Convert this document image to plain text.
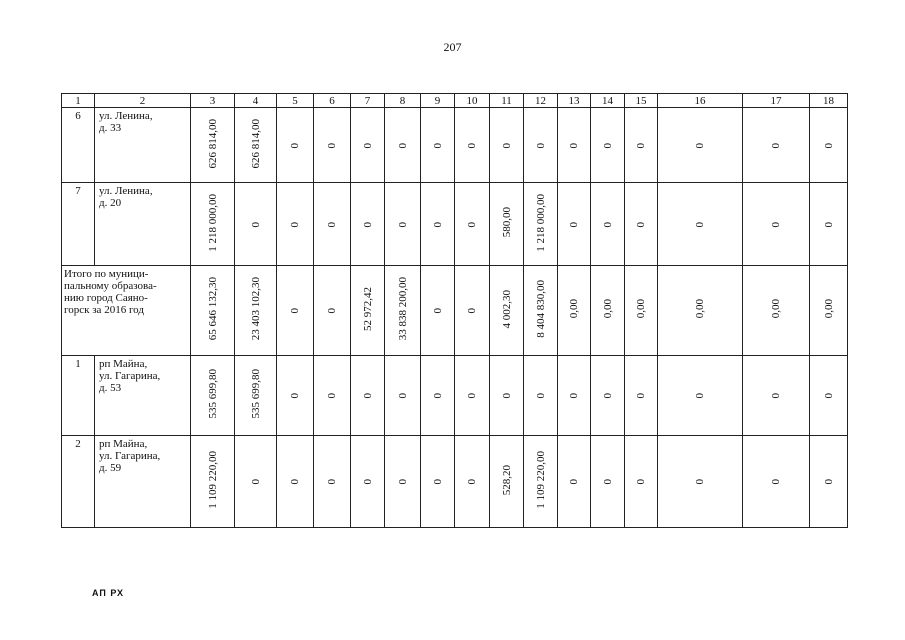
207
1	2	3	4	5	6	7	8	9	10	11	12	13	14	15	16	17	18
6	ул. Ленина,
д. 33	626 814,00	626 814,00	0	0	0	0	0	0	0	0	0	0	0	0	0	0
7	ул. Ленина,
д. 20	1 218 000,00	0	0	0	0	0	0	0	580,00	1 218 000,00	0	0	0	0	0	0
Итого по муници-
пальному образова-
нию город Саяно-
горск за 2016 год		65 646 132,30	23 403 102,30	0	0	52 972,42	33 838 200,00	0	0	4 002,30	8 404 830,00	0,00	0,00	0,00	0,00	0,00	0,00
1	рп Майна,
ул. Гагарина,
д. 53	535 699,80	535 699,80	0	0	0	0	0	0	0	0	0	0	0	0	0	0
2	рп Майна,
ул. Гагарина,
д. 59	1 109 220,00	0	0	0	0	0	0	0	528,20	1 109 220,00	0	0	0	0	0	0
АП РХ
